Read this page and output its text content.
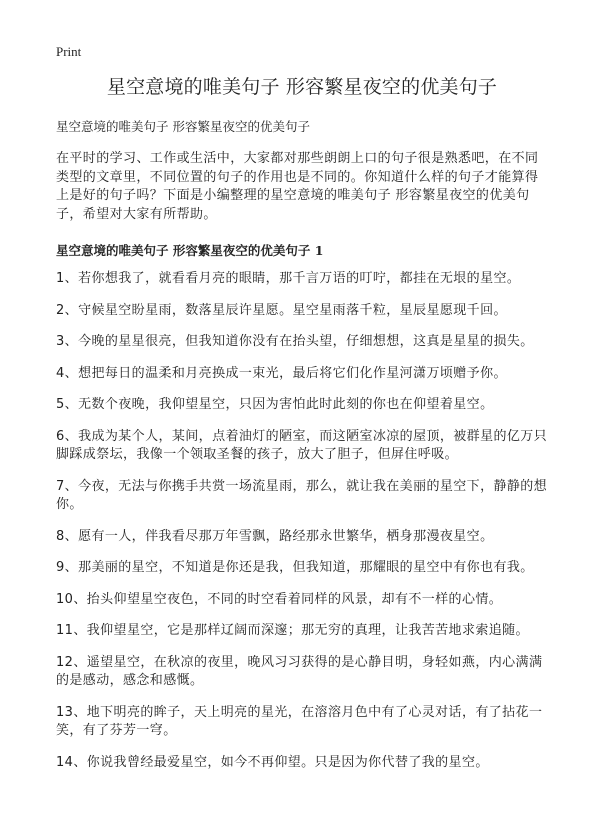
Print
星空意境的唯美句子 形容繁星夜空的优美句子

星空意境的唯美句子 形容繁星夜空的优美句子

在平时的学习、工作或生活中，大家都对那些朗朗上口的句子很是熟悉吧，在不同类型的文章里，不同位置的句子的作用也是不同的。你知道什么样的句子才能算得上是好的句子吗？下面是小编整理的星空意境的唯美句子 形容繁星夜空的优美句子，希望对大家有所帮助。

星空意境的唯美句子 形容繁星夜空的优美句子 1
1、若你想我了，就看看月亮的眼睛，那千言万语的叮咛，都挂在无垠的星空。
2、守候星空盼星雨，数落星辰许星愿。星空星雨落千粒，星辰星愿现千回。
3、今晚的星星很亮，但我知道你没有在抬头望，仔细想想，这真是星星的损失。
4、想把每日的温柔和月亮换成一束光，最后将它们化作星河潇万顷赠予你。
5、无数个夜晚，我仰望星空，只因为害怕此时此刻的你也在仰望着星空。
6、我成为某个人，某间，点着油灯的陋室，而这陋室冰凉的屋顶，被群星的亿万只脚踩成祭坛，我像一个领取圣餐的孩子，放大了胆子，但屏住呼吸。
7、今夜，无法与你携手共赏一场流星雨，那么，就让我在美丽的星空下，静静的想你。
8、愿有一人，伴我看尽那万年雪飘，路经那永世繁华，栖身那漫夜星空。
9、那美丽的星空，不知道是你还是我，但我知道，那耀眼的星空中有你也有我。
10、抬头仰望星空夜色，不同的时空看着同样的风景，却有不一样的心情。
11、我仰望星空，它是那样辽阔而深邃；那无穷的真理，让我苦苦地求索追随。
12、遥望星空，在秋凉的夜里，晚风习习获得的是心静目明，身轻如燕，内心满满的是感动，感念和感慨。
13、地下明亮的眸子，天上明亮的星光，在溶溶月色中有了心灵对话，有了拈花一笑，有了芬芳一穹。
14、你说我曾经最爱星空，如今不再仰望。只是因为你代替了我的星空。
